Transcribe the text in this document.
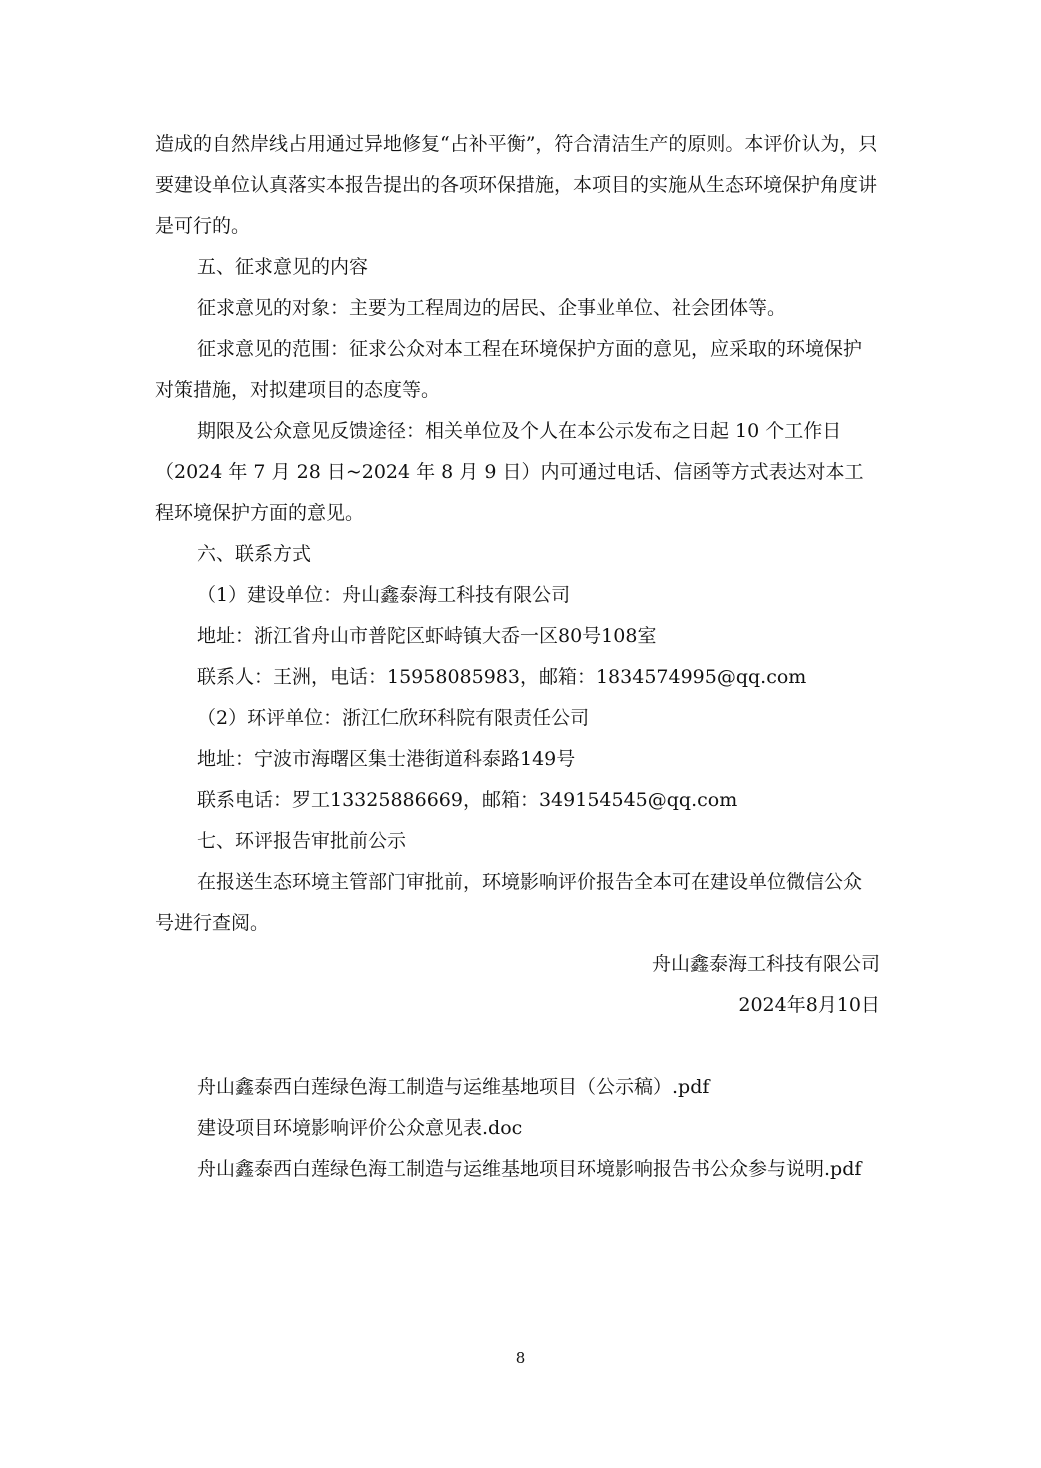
造成的自然岸线占用通过异地修复“占补平衡”，符合清洁生产的原则。本评价认为，只要建设单位认真落实本报告提出的各项环保措施，本项目的实施从生态环境保护角度讲是可行的。

五、征求意见的内容

征求意见的对象：主要为工程周边的居民、企事业单位、社会团体等。

征求意见的范围：征求公众对本工程在环境保护方面的意见，应采取的环境保护对策措施，对拟建项目的态度等。

期限及公众意见反馈途径：相关单位及个人在本公示发布之日起 10 个工作日（2024 年 7 月 28 日~2024 年 8 月 9 日）内可通过电话、信函等方式表达对本工程环境保护方面的意见。

六、联系方式

（1）建设单位：舟山鑫泰海工科技有限公司

地址：浙江省舟山市普陀区虾峙镇大岙一区80号108室

联系人：王洲，电话：15958085983，邮箱：1834574995@qq.com

（2）环评单位：浙江仁欣环科院有限责任公司

地址：宁波市海曙区集士港街道科泰路149号

联系电话：罗工13325886669，邮箱：349154545@qq.com

七、环评报告审批前公示

在报送生态环境主管部门审批前，环境影响评价报告全本可在建设单位微信公众号进行查阅。

舟山鑫泰海工科技有限公司

2024年8月10日

舟山鑫泰西白莲绿色海工制造与运维基地项目（公示稿）.pdf

建设项目环境影响评价公众意见表.doc

舟山鑫泰西白莲绿色海工制造与运维基地项目环境影响报告书公众参与说明.pdf

8
